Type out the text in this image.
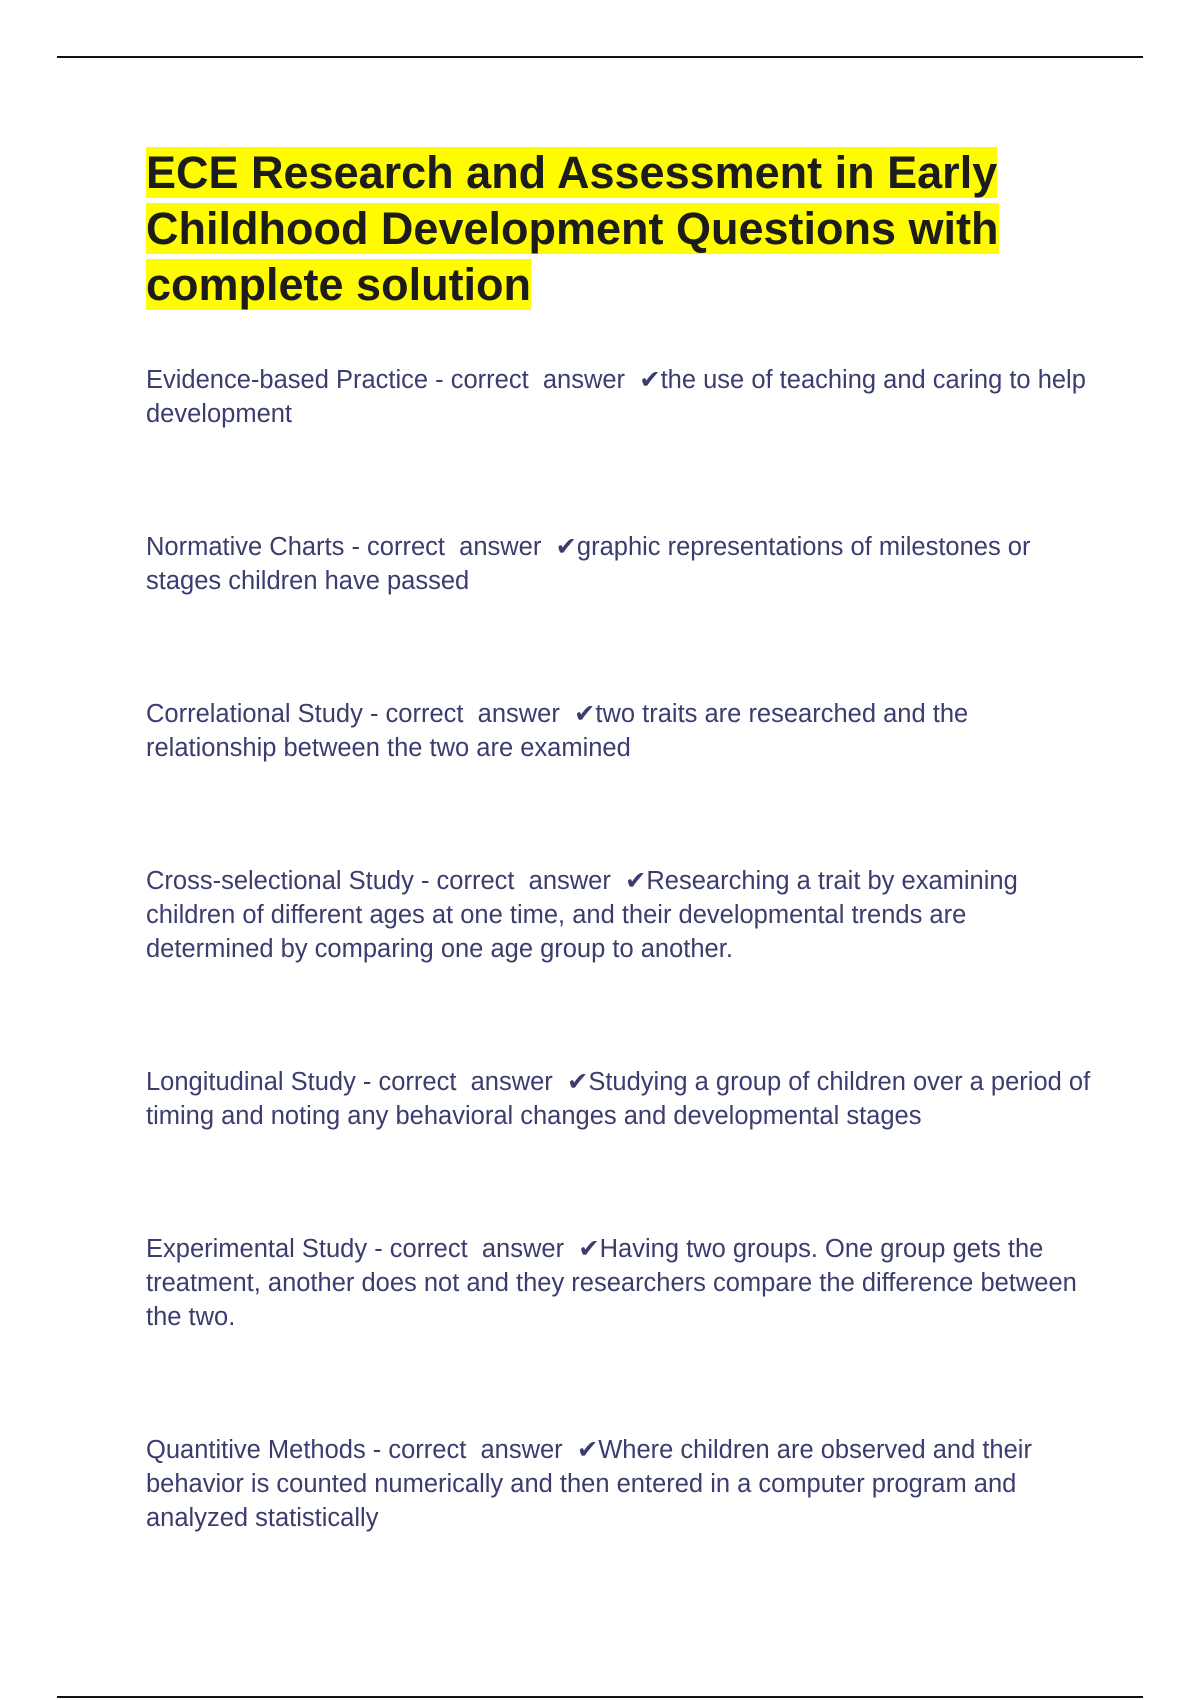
ECE Research and Assessment in Early Childhood Development Questions with complete solution

Evidence-based Practice - correct  answer  ✔the use of teaching and caring to help development

Normative Charts - correct  answer  ✔graphic representations of milestones or stages children have passed

Correlational Study - correct  answer  ✔two traits are researched and the relationship between the two are examined

Cross-selectional Study - correct  answer  ✔Researching a trait by examining children of different ages at one time, and their developmental trends are determined by comparing one age group to another.

Longitudinal Study - correct  answer  ✔Studying a group of children over a period of timing and noting any behavioral changes and developmental stages

Experimental Study - correct  answer  ✔Having two groups. One group gets the treatment, another does not and they researchers compare the difference between the two.

Quantitive Methods - correct  answer  ✔Where children are observed and their behavior is counted numerically and then entered in a computer program and analyzed statistically
